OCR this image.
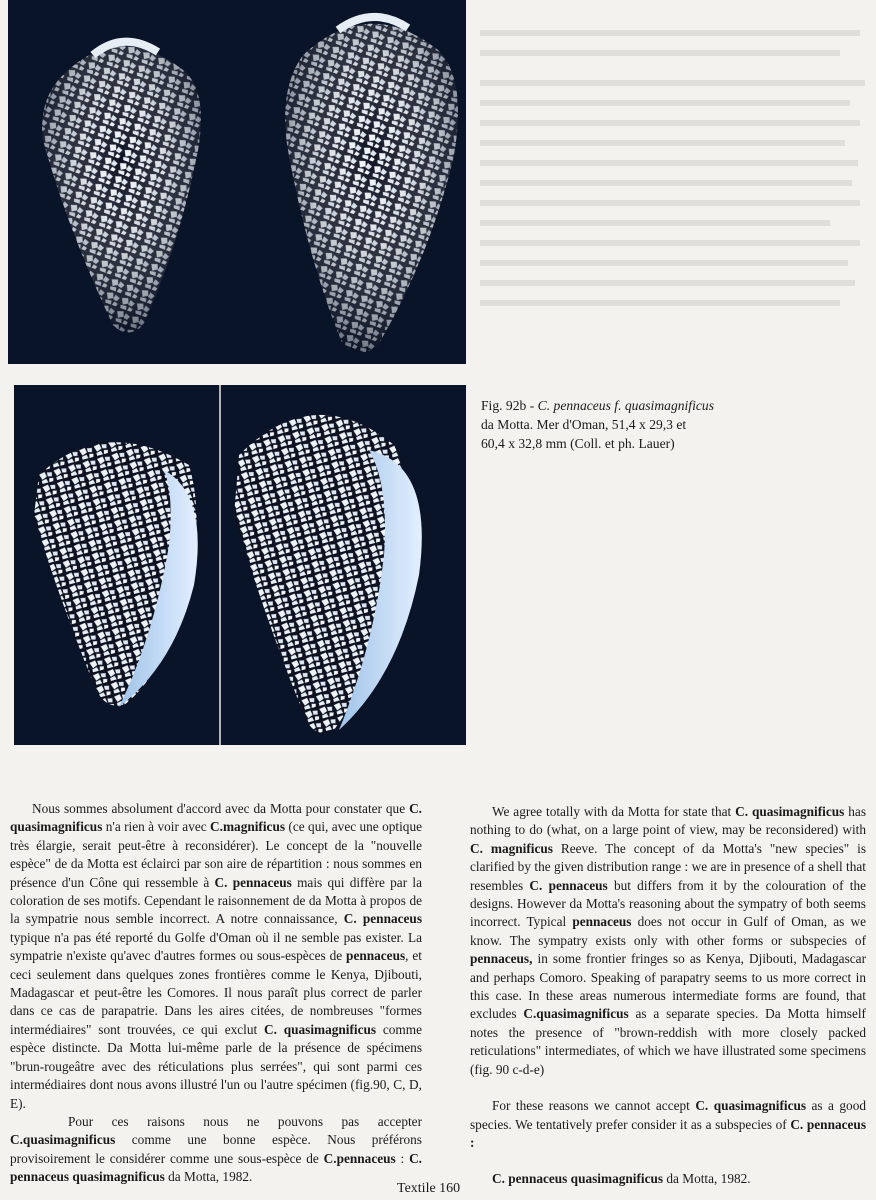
Fig. 92b - C. pennaceus f. quasimagnificus
da Motta. Mer d'Oman, 51,4 x 29,3 et
60,4 x 32,8 mm (Coll. et ph. Lauer)

Nous sommes absolument d'accord avec da Motta pour constater que C. quasimagnificus n'a rien à voir avec C.magnificus (ce qui, avec une optique très élargie, serait peut-être à reconsidérer). Le concept de la "nouvelle espèce" de da Motta est éclairci par son aire de répartition : nous sommes en présence d'un Cône qui ressemble à C. pennaceus mais qui diffère par la coloration de ses motifs. Cependant le raisonnement de da Motta à propos de la sympatrie nous semble incorrect. A notre connaissance, C. pennaceus typique n'a pas été reporté du Golfe d'Oman où il ne semble pas exister. La sympatrie n'existe qu'avec d'autres formes ou sous-espèces de pennaceus, et ceci seulement dans quelques zones frontières comme le Kenya, Djibouti, Madagascar et peut-être les Comores. Il nous paraît plus correct de parler dans ce cas de parapatrie. Dans les aires citées, de nombreuses "formes intermédiaires" sont trouvées, ce qui exclut C. quasimagnificus comme espèce distincte. Da Motta lui-même parle de la présence de spécimens "brun-rougeâtre avec des réticulations plus serrées", qui sont parmi ces intermédiaires dont nous avons illustré l'un ou l'autre spécimen (fig.90, C, D, E).

Pour ces raisons nous ne pouvons pas accepter C.quasimagnificus comme une bonne espèce. Nous préférons provisoirement le considérer comme une sous-espèce de C.pennaceus : C. pennaceus quasimagnificus da Motta, 1982.

We agree totally with da Motta for state that C. quasimagnificus has nothing to do (what, on a large point of view, may be reconsidered) with C. magnificus Reeve. The concept of da Motta's "new species" is clarified by the given distribution range : we are in presence of a shell that resembles C. pennaceus but differs from it by the colouration of the designs. However da Motta's reasoning about the sympatry of both seems incorrect. Typical pennaceus does not occur in Gulf of Oman, as we know. The sympatry exists only with other forms or subspecies of pennaceus, in some frontier fringes so as Kenya, Djibouti, Madagascar and perhaps Comoro. Speaking of parapatry seems to us more correct in this case. In these areas numerous intermediate forms are found, that excludes C.quasimagnificus as a separate species. Da Motta himself notes the presence of "brown-reddish with more closely packed reticulations" intermediates, of which we have illustrated some specimens (fig. 90 c-d-e)

For these reasons we cannot accept C. quasimagnificus as a good species. We tentatively prefer consider it as a subspecies of C. pennaceus :

C. pennaceus quasimagnificus da Motta, 1982.

Textile 160
